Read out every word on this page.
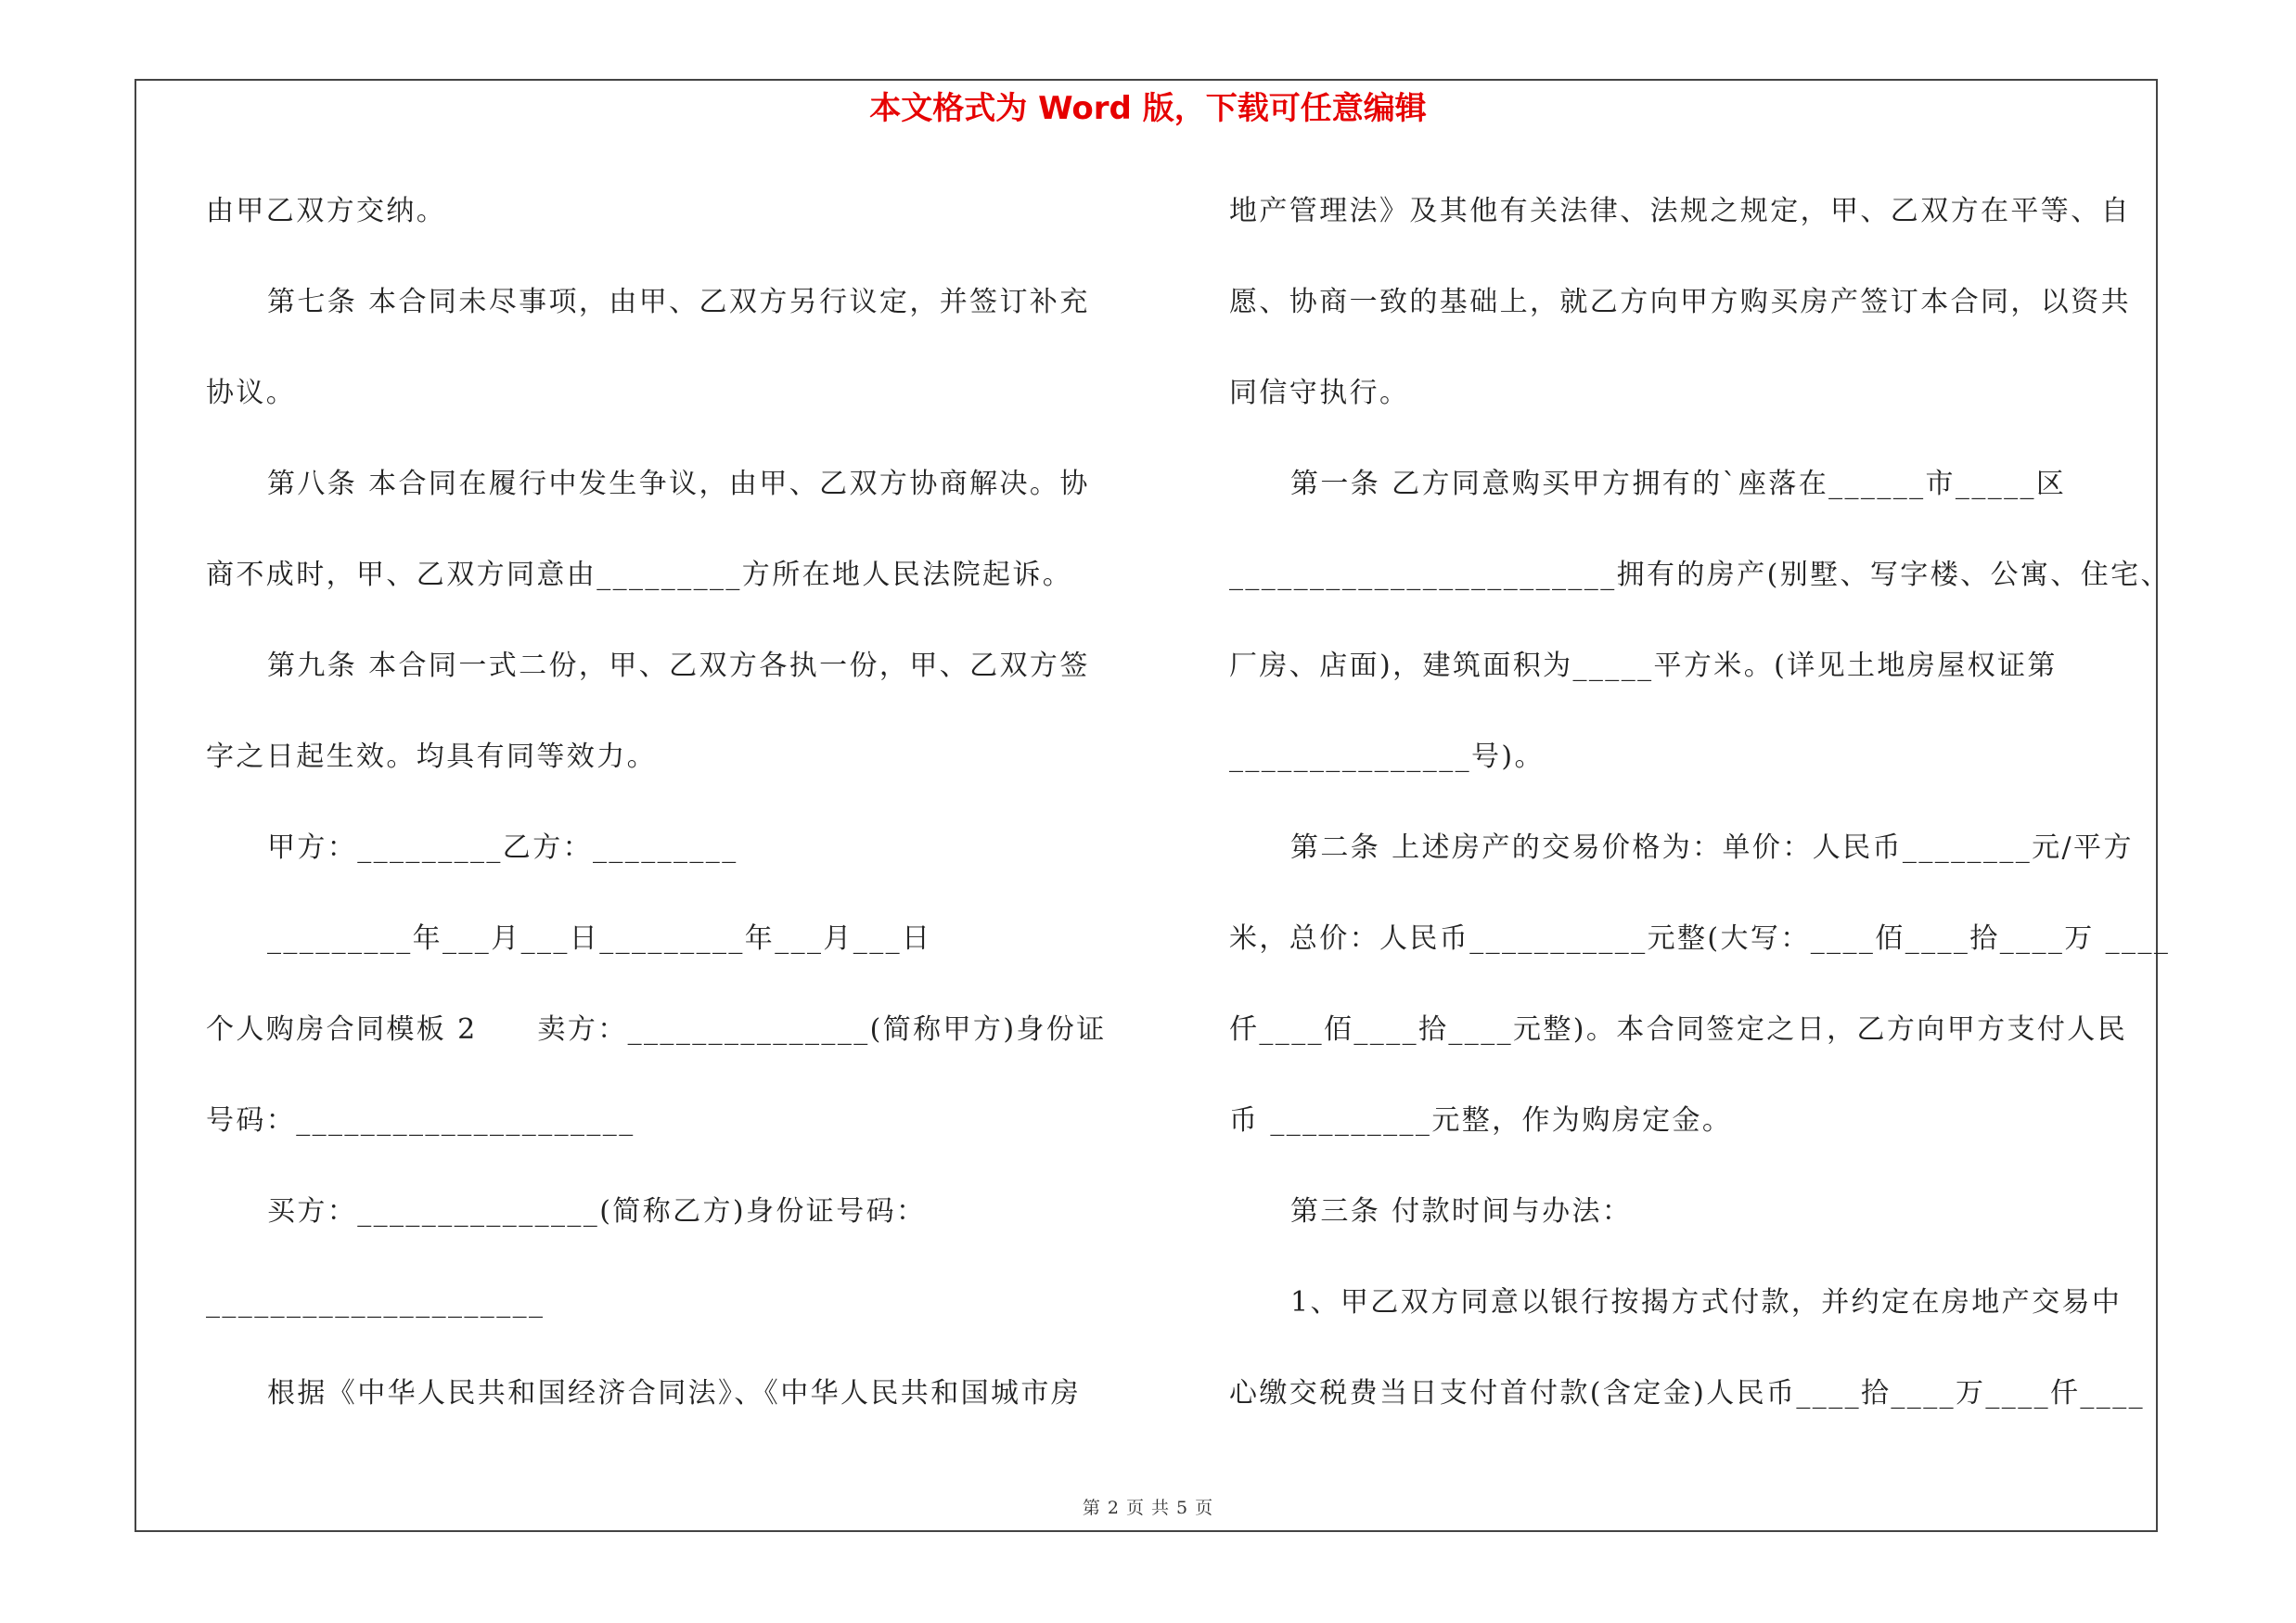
本文格式为 Word 版，下载可任意编辑
由甲乙双方交纳。
第七条 本合同未尽事项，由甲、乙双方另行议定，并签订补充
协议。
第八条 本合同在履行中发生争议，由甲、乙双方协商解决。协
商不成时，甲、乙双方同意由_________方所在地人民法院起诉。
第九条 本合同一式二份，甲、乙双方各执一份，甲、乙双方签
字之日起生效。均具有同等效力。
甲方：_________乙方：_________
_________年___月___日_________年___月___日
个人购房合同模板 2　　卖方：_______________(简称甲方)身份证
号码：_____________________
买方：_______________(简称乙方)身份证号码：
_____________________
根据《中华人民共和国经济合同法》、《中华人民共和国城市房
地产管理法》及其他有关法律、法规之规定，甲、乙双方在平等、自
愿、协商一致的基础上，就乙方向甲方购买房产签订本合同，以资共
同信守执行。
第一条 乙方同意购买甲方拥有的`座落在______市_____区
________________________拥有的房产(别墅、写字楼、公寓、住宅、
厂房、店面)，建筑面积为_____平方米。(详见土地房屋权证第
_______________号)。
第二条 上述房产的交易价格为：单价：人民币________元/平方
米，总价：人民币___________元整(大写：____佰____拾____万 ____
仟____佰____拾____元整)。本合同签定之日，乙方向甲方支付人民
币 __________元整，作为购房定金。
第三条 付款时间与办法：
1、甲乙双方同意以银行按揭方式付款，并约定在房地产交易中
心缴交税费当日支付首付款(含定金)人民币____拾____万____仟____
第 2 页 共 5 页
